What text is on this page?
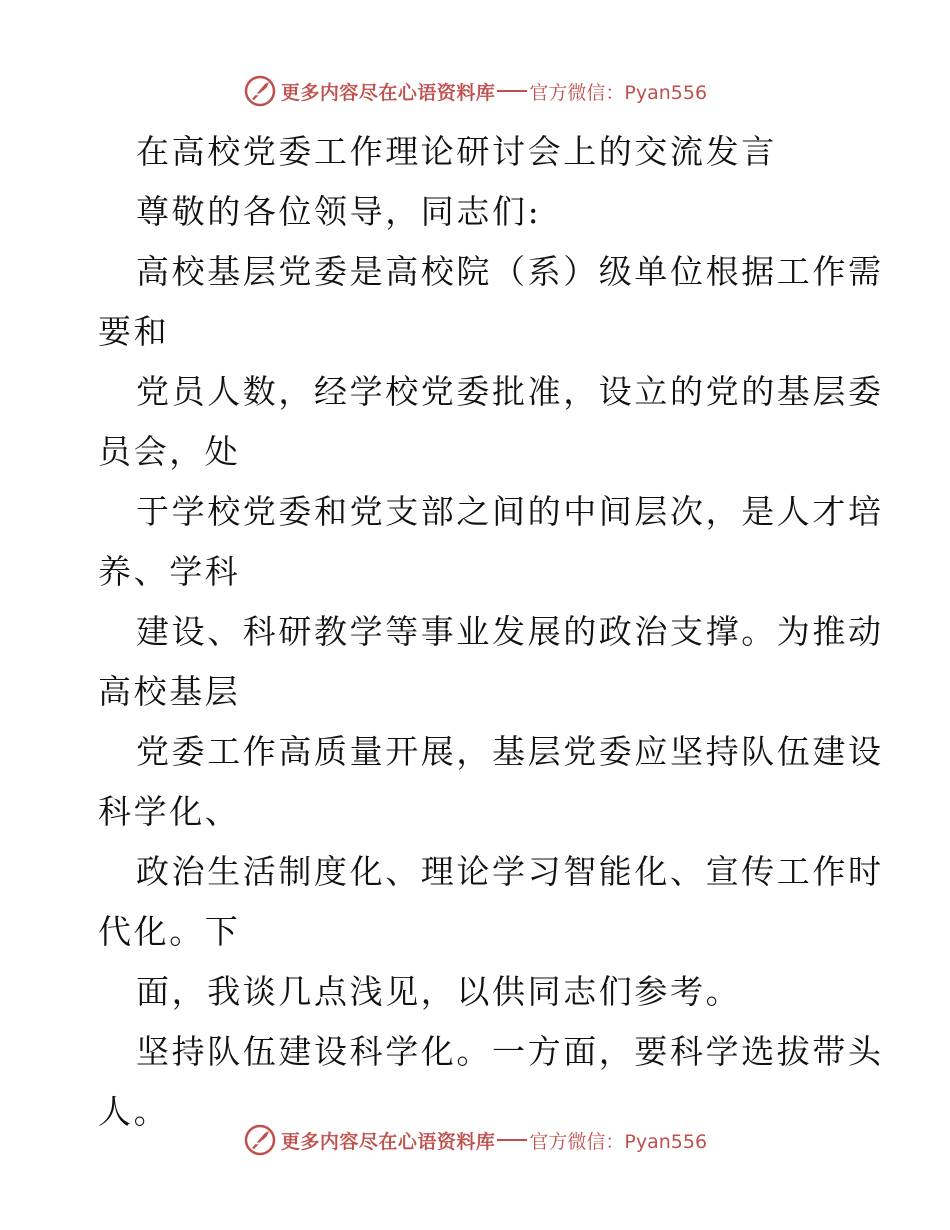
更多内容尽在心语资料库 官方微信：Pyan556
在高校党委工作理论研讨会上的交流发言
尊敬的各位领导，同志们:
高校基层党委是高校院（系）级单位根据工作需
要和
党员人数，经学校党委批准，设立的党的基层委
员会，处
于学校党委和党支部之间的中间层次，是人才培
养、学科
建设、科研教学等事业发展的政治支撑。为推动
高校基层
党委工作高质量开展，基层党委应坚持队伍建设
科学化、
政治生活制度化、理论学习智能化、宣传工作时
代化。下
面，我谈几点浅见，以供同志们参考。
坚持队伍建设科学化。一方面，要科学选拔带头
人。
更多内容尽在心语资料库 官方微信：Pyan556
